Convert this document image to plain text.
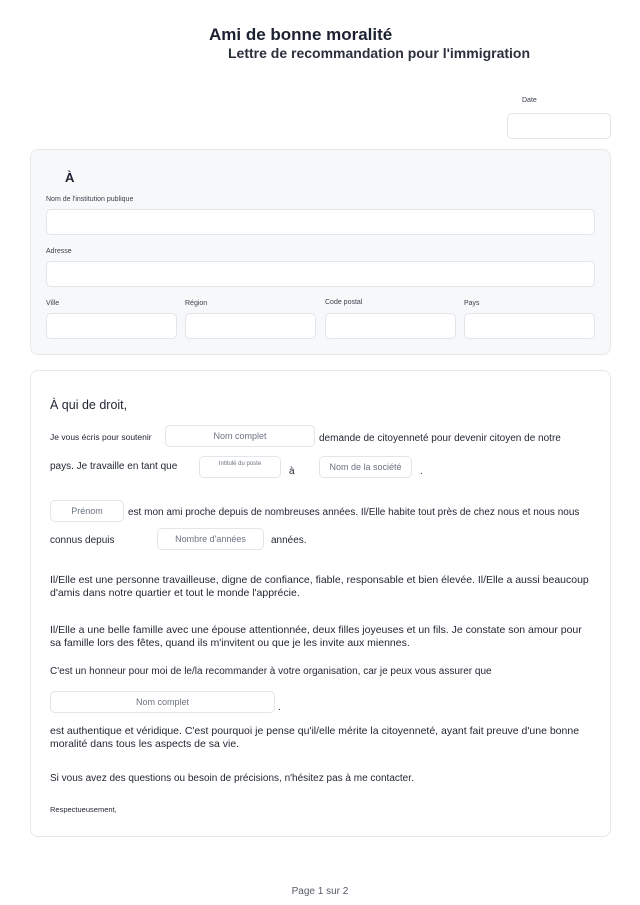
Ami de bonne moralité
Lettre de recommandation pour l'immigration
Date
À
Nom de l'institution publique
Adresse
Ville	Région	Code postal	Pays
À qui de droit,
Je vous écris pour soutenir	Nom complet	demande de citoyenneté pour devenir citoyen de notre
pays. Je travaille en tant que	Intitulé du poste
à	Nom de la société	.
Prénom	est mon ami proche depuis de nombreuses années. Il/Elle habite tout près de chez nous et nous nous
connus depuis	Nombre d'années	années.
Il/Elle est une personne travailleuse, digne de confiance, fiable, responsable et bien élevée. Il/Elle a aussi beaucoup d'amis dans notre quartier et tout le monde l'apprécie.
Il/Elle a une belle famille avec une épouse attentionnée, deux filles joyeuses et un fils. Je constate son amour pour sa famille lors des fêtes, quand ils m'invitent ou que je les invite aux miennes.
C'est un honneur pour moi de le/la recommander à votre organisation, car je peux vous assurer que
Nom complet	.
est authentique et véridique. C'est pourquoi je pense qu'il/elle mérite la citoyenneté, ayant fait preuve d'une bonne moralité dans tous les aspects de sa vie.
Si vous avez des questions ou besoin de précisions, n'hésitez pas à me contacter.
Respectueusement,
Page 1 sur 2
